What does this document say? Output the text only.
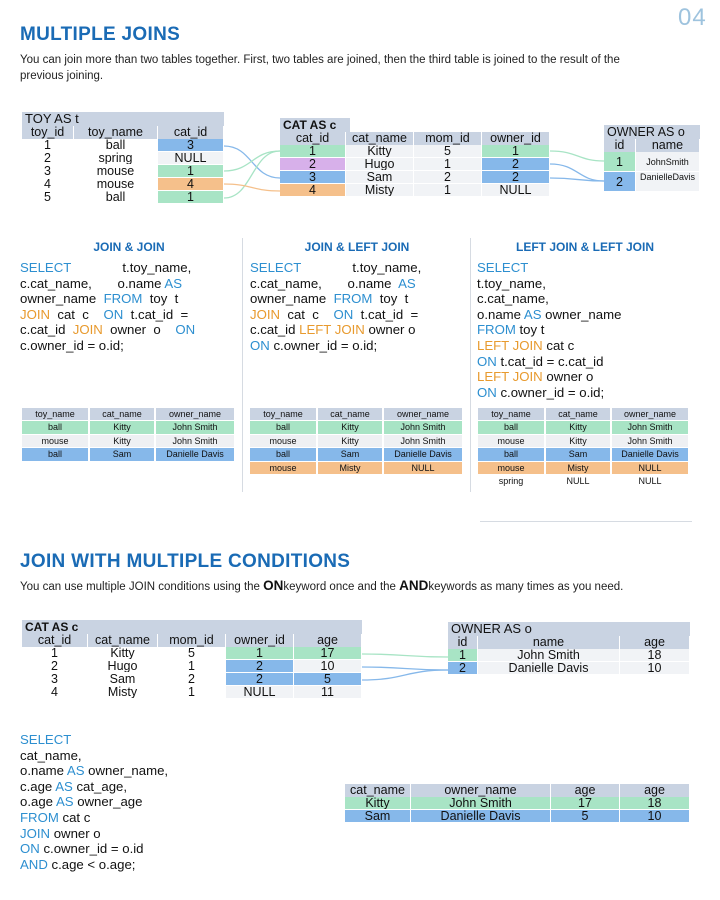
04
MULTIPLE JOINS
You can join more than two tables together. First, two tables are joined, then the third table is joined to the result of the
previous joining.
TOY AS t
toy_id	toy_name	cat_id
1	ball	3
2	spring	NULL
3	mouse	1
4	mouse	4
5	ball	1
CAT AS c
cat_id	cat_name	mom_id	owner_id
1	Kitty	5	1
2	Hugo	1	2
3	Sam	2	2
4	Misty	1	NULL
OWNER AS o
id	name
1	JohnSmith
2	DanielleDavis
JOIN & JOIN	JOIN & LEFT JOIN	LEFT JOIN & LEFT JOIN
SELECT              t.toy_name,
c.cat_name,       o.name AS
owner_name  FROM  toy  t
JOIN  cat  c    ON  t.cat_id  =
c.cat_id  JOIN  owner  o    ON
c.owner_id = o.id;
SELECT              t.toy_name,
c.cat_name,       o.name  AS
owner_name  FROM  toy  t
JOIN  cat  c    ON  t.cat_id  =
c.cat_id LEFT JOIN owner o
ON c.owner_id = o.id;
SELECT
t.toy_name,
c.cat_name,
o.name AS owner_name
FROM toy t
LEFT JOIN cat c
ON t.cat_id = c.cat_id
LEFT JOIN owner o
ON c.owner_id = o.id;
toy_name	cat_name	owner_name
ball	Kitty	John Smith
mouse	Kitty	John Smith
ball	Sam	Danielle Davis
toy_name	cat_name	owner_name
ball	Kitty	John Smith
mouse	Kitty	John Smith
ball	Sam	Danielle Davis
mouse	Misty	NULL
toy_name	cat_name	owner_name
ball	Kitty	John Smith
mouse	Kitty	John Smith
ball	Sam	Danielle Davis
mouse	Misty	NULL
spring	NULL	NULL
JOIN WITH MULTIPLE CONDITIONS
You can use multiple JOIN conditions using the ONkeyword once and the ANDkeywords as many times as you need.
CAT AS c
cat_id	cat_name	mom_id	owner_id	age
1	Kitty	5	1	17
2	Hugo	1	2	10
3	Sam	2	2	5
4	Misty	1	NULL	11
OWNER AS o
id	name	age
1	John Smith	18
2	Danielle Davis	10
SELECT
cat_name,
o.name AS owner_name,
c.age AS cat_age,
o.age AS owner_age
FROM cat c
JOIN owner o
ON c.owner_id = o.id
AND c.age < o.age;
cat_name	owner_name	age	age
Kitty	John Smith	17	18
Sam	Danielle Davis	5	10
